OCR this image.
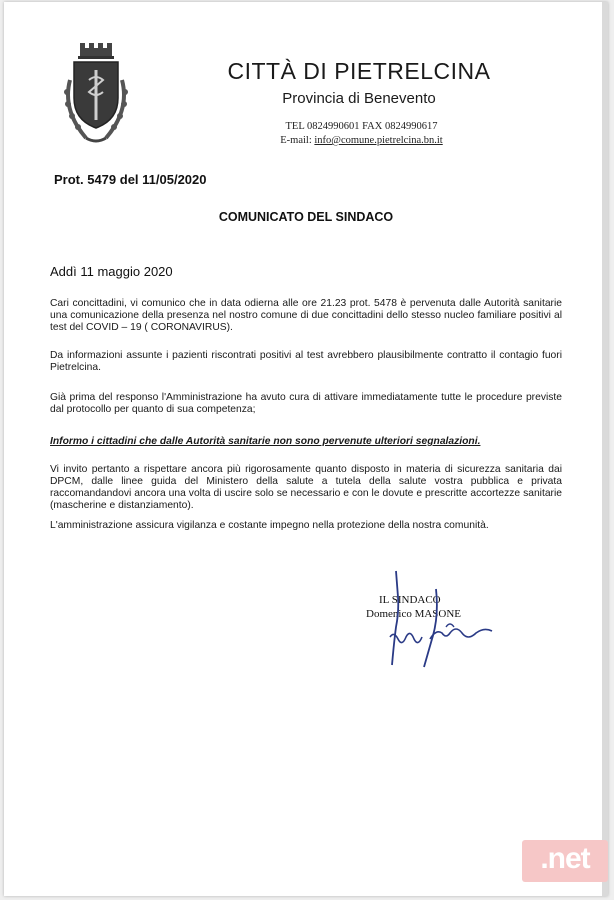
CITTÀ DI PIETRELCINA
Provincia di Benevento
TEL 0824990601 FAX 0824990617
E-mail: info@comune.pietrelcina.bn.it
Prot. 5479 del 11/05/2020
COMUNICATO DEL SINDACO
Addì 11 maggio 2020

Cari concittadini, vi comunico che in data odierna alle ore 21.23 prot. 5478 è pervenuta dalle Autorità sanitarie una comunicazione della presenza nel nostro comune di due concittadini dello stesso nucleo familiare positivi al test del COVID – 19 ( CORONAVIRUS).

Da informazioni assunte i pazienti riscontrati positivi al test avrebbero plausibilmente contratto il contagio fuori Pietrelcina.

Già prima del responso l'Amministrazione ha avuto cura di attivare immediatamente tutte le procedure previste dal protocollo per quanto di sua competenza;

Informo i cittadini che dalle Autorità sanitarie non sono pervenute ulteriori segnalazioni.

Vi invito pertanto a rispettare ancora più rigorosamente quanto disposto in materia di sicurezza sanitaria dai DPCM, dalle linee guida del Ministero della salute a tutela della salute vostra pubblica e privata raccomandandovi ancora una volta di uscire solo se necessario e con le dovute e prescritte accortezze sanitarie (mascherine e distanziamento).

L'amministrazione assicura vigilanza e costante impegno nella protezione della nostra comunità.

IL SINDACO
Domenico MASONE
.net
